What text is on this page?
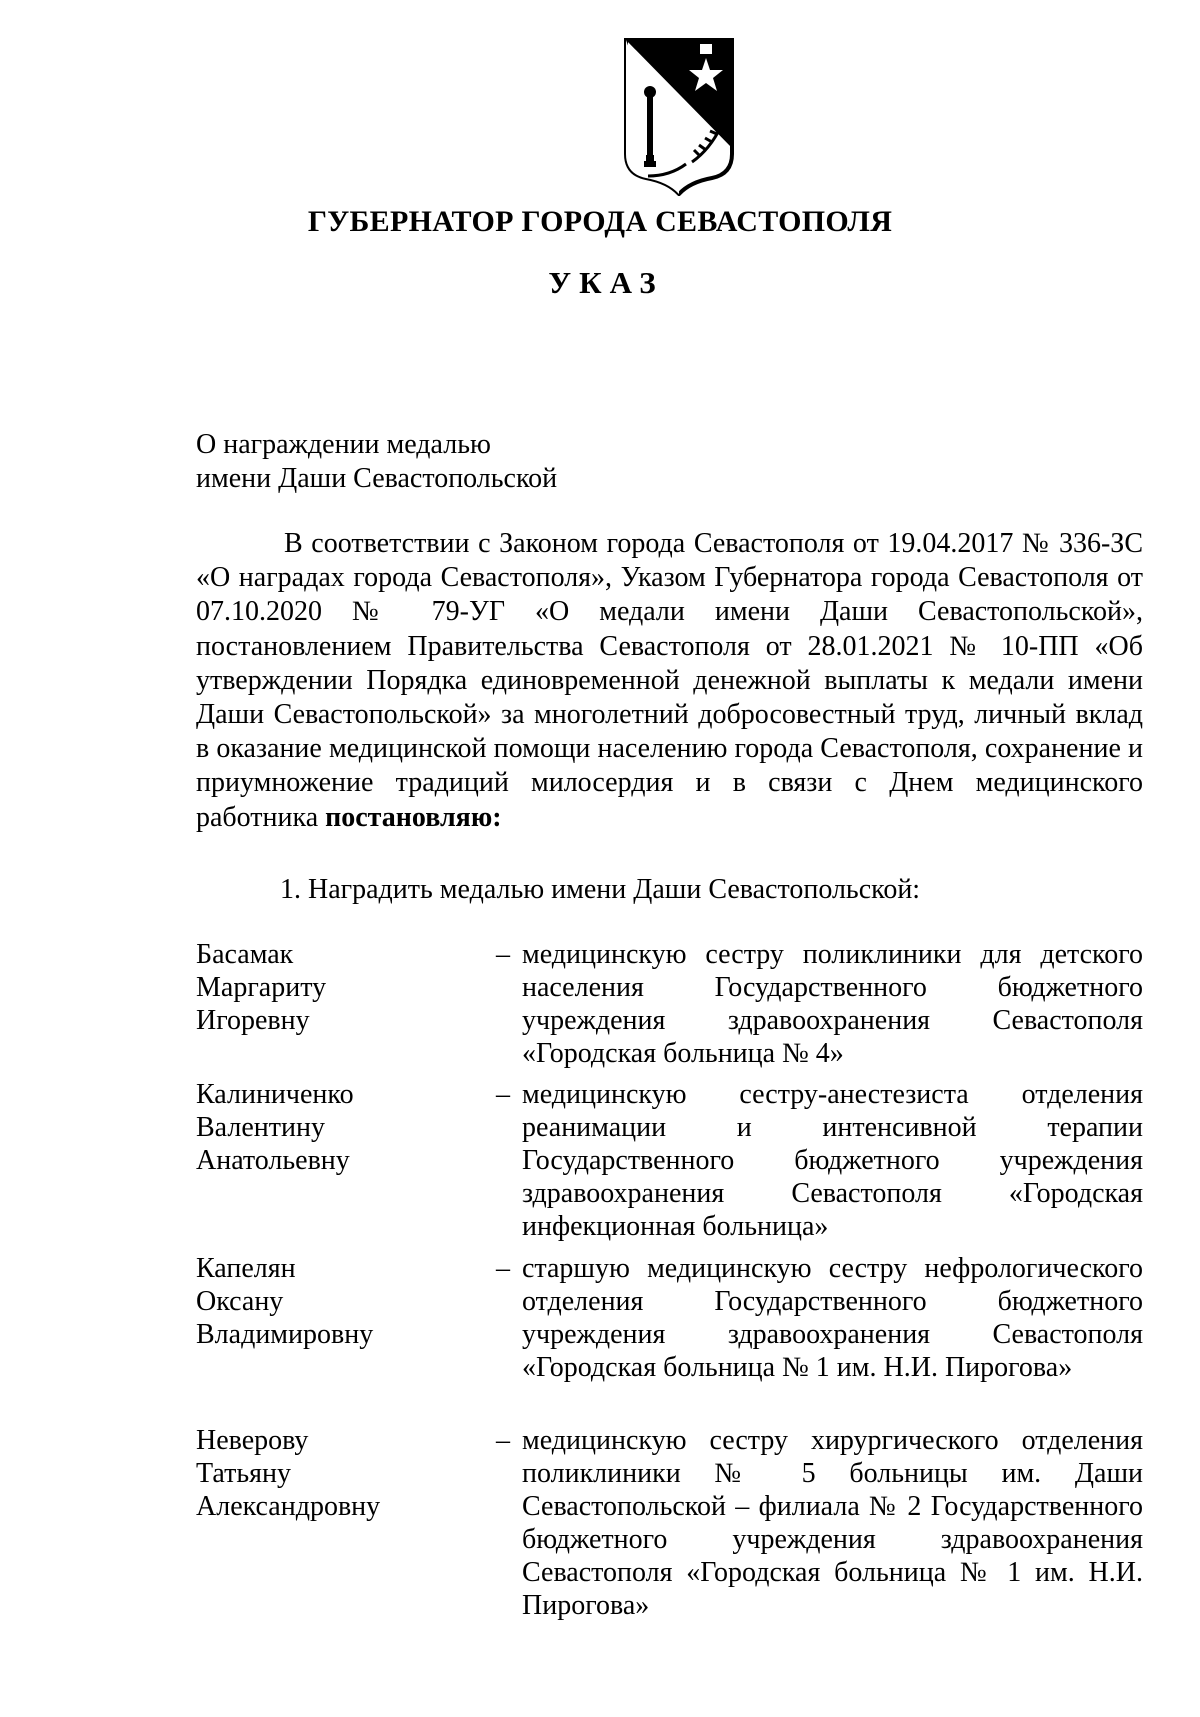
ГУБЕРНАТОР ГОРОДА СЕВАСТОПОЛЯ
УКАЗ
О награждении медалью
имени Даши Севастопольской
В соответствии с Законом города Севастополя от 19.04.2017 № 336-ЗС «О наградах города Севастополя», Указом Губернатора города Севастополя от 07.10.2020 № 79-УГ «О медали имени Даши Севастопольской», постановлением Правительства Севастополя от 28.01.2021 № 10-ПП «Об утверждении Порядка единовременной денежной выплаты к медали имени Даши Севастопольской» за многолетний добросовестный труд, личный вклад в оказание медицинской помощи населению города Севастополя, сохранение и приумножение традиций милосердия и в связи с Днем медицинского работника постановляю:
1. Наградить медалью имени Даши Севастопольской:
Басамак
Маргариту
Игоревну
– медицинскую сестру поликлиники для детского населения Государственного бюджетного учреждения здравоохранения Севастополя «Городская больница № 4»
Калиниченко
Валентину
Анатольевну
– медицинскую сестру-анестезиста отделения реанимации и интенсивной терапии Государственного бюджетного учреждения здравоохранения Севастополя «Городская инфекционная больница»
Капелян
Оксану
Владимировну
– старшую медицинскую сестру нефрологического отделения Государственного бюджетного учреждения здравоохранения Севастополя «Городская больница № 1 им. Н.И. Пирогова»
Неверову
Татьяну
Александровну
– медицинскую сестру хирургического отделения поликлиники № 5 больницы им. Даши Севастопольской – филиала № 2 Государственного бюджетного учреждения здравоохранения Севастополя «Городская больница № 1 им. Н.И. Пирогова»
